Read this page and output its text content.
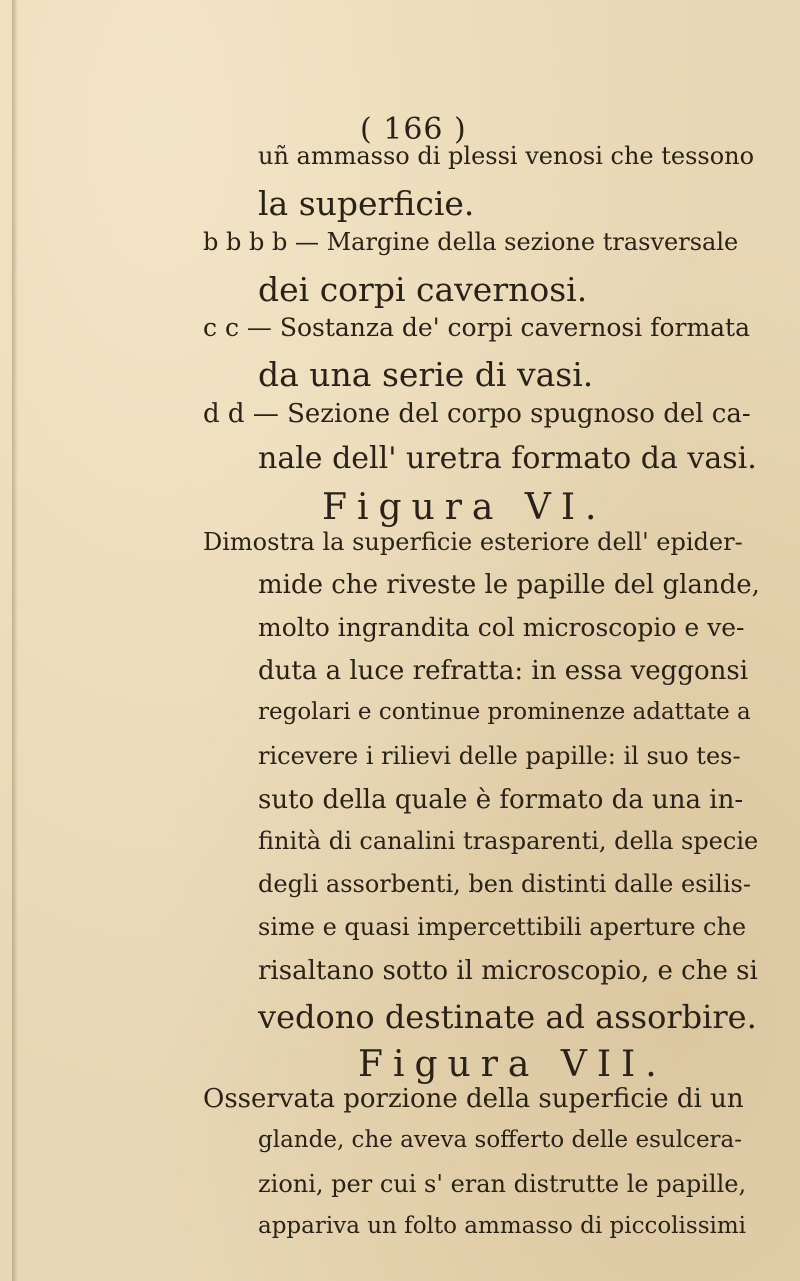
( 166 )
uñ ammasso di plessi venosi che tessono
la superficie.
b b b b — Margine della sezione trasversale
dei corpi cavernosi.
c c — Sostanza de' corpi cavernosi formata
da una serie di vasi.
d d — Sezione del corpo spugnoso del ca-
nale dell' uretra formato da vasi.
Figura VI.
Dimostra la superficie esteriore dell' epider-
mide che riveste le papille del glande,
molto ingrandita col microscopio e ve-
duta a luce refratta: in essa veggonsi
regolari e continue prominenze adattate a
ricevere i rilievi delle papille: il suo tes-
suto della quale è formato da una in-
finità di canalini trasparenti, della specie
degli assorbenti, ben distinti dalle esilis-
sime e quasi impercettibili aperture che
risaltano sotto il microscopio, e che si
vedono destinate ad assorbire.
Figura VII.
Osservata porzione della superficie di un
glande, che aveva sofferto delle esulcera-
zioni, per cui s' eran distrutte le papille,
appariva un folto ammasso di piccolissimi
